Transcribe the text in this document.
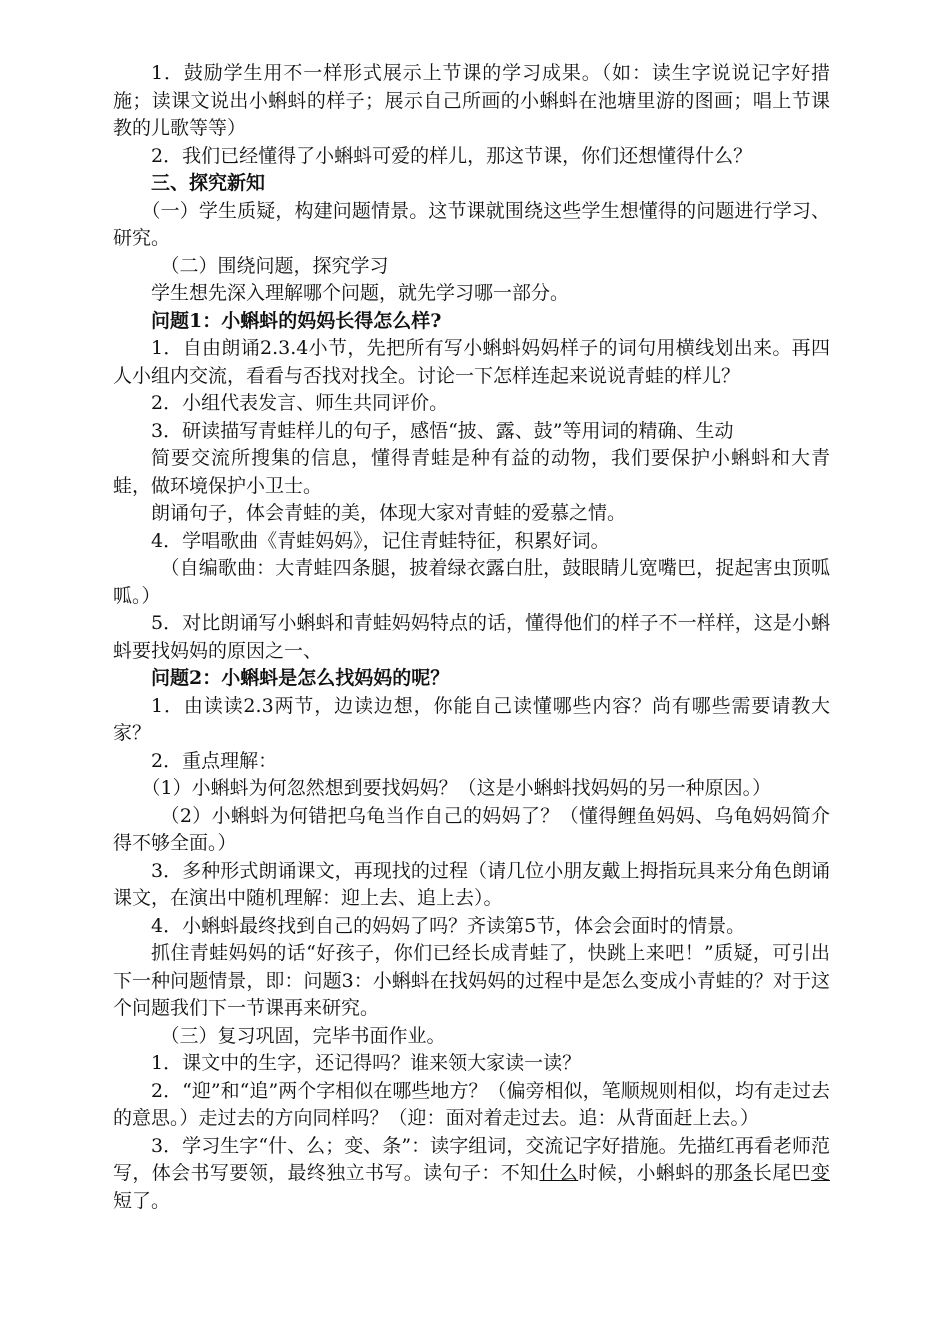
1．鼓励学生用不一样形式展示上节课的学习成果。（如：读生字说说记字好措施；读课文说出小蝌蚪的样子；展示自己所画的小蝌蚪在池塘里游的图画；唱上节课教的儿歌等等）

2．我们已经懂得了小蝌蚪可爱的样儿，那这节课，你们还想懂得什么？

三、探究新知

（一）学生质疑，构建问题情景。这节课就围绕这些学生想懂得的问题进行学习、研究。

（二）围绕问题，探究学习

学生想先深入理解哪个问题，就先学习哪一部分。

问题1：小蝌蚪的妈妈长得怎么样?

1．自由朗诵2.3.4小节，先把所有写小蝌蚪妈妈样子的词句用横线划出来。再四人小组内交流，看看与否找对找全。讨论一下怎样连起来说说青蛙的样儿？

2．小组代表发言、师生共同评价。

3．研读描写青蛙样儿的句子，感悟“披、露、鼓”等用词的精确、生动

简要交流所搜集的信息，懂得青蛙是种有益的动物，我们要保护小蝌蚪和大青蛙，做环境保护小卫士。

朗诵句子，体会青蛙的美，体现大家对青蛙的爱慕之情。

4．学唱歌曲《青蛙妈妈》，记住青蛙特征，积累好词。

（自编歌曲：大青蛙四条腿，披着绿衣露白肚，鼓眼睛儿宽嘴巴，捉起害虫顶呱呱。）

5．对比朗诵写小蝌蚪和青蛙妈妈特点的话，懂得他们的样子不一样样，这是小蝌蚪要找妈妈的原因之一、

问题2：小蝌蚪是怎么找妈妈的呢？

1．由读读2.3两节，边读边想，你能自己读懂哪些内容？尚有哪些需要请教大家？

2．重点理解：

（1）小蝌蚪为何忽然想到要找妈妈？（这是小蝌蚪找妈妈的另一种原因。）

（2）小蝌蚪为何错把乌龟当作自己的妈妈了？（懂得鲤鱼妈妈、乌龟妈妈简介得不够全面。）

3．多种形式朗诵课文，再现找的过程（请几位小朋友戴上拇指玩具来分角色朗诵课文，在演出中随机理解：迎上去、追上去）。

4．小蝌蚪最终找到自己的妈妈了吗？齐读第5节，体会会面时的情景。

抓住青蛙妈妈的话“好孩子，你们已经长成青蛙了，快跳上来吧！”质疑，可引出下一种问题情景，即：问题3：小蝌蚪在找妈妈的过程中是怎么变成小青蛙的？对于这个问题我们下一节课再来研究。

（三）复习巩固，完毕书面作业。

1．课文中的生字，还记得吗？谁来领大家读一读？

2．“迎”和“追”两个字相似在哪些地方？（偏旁相似，笔顺规则相似，均有走过去的意思。）走过去的方向同样吗？（迎：面对着走过去。追：从背面赶上去。）

3．学习生字“什、么；变、条”：读字组词，交流记字好措施。先描红再看老师范写，体会书写要领，最终独立书写。读句子：不知什么时候，小蝌蚪的那条长尾巴变短了。
